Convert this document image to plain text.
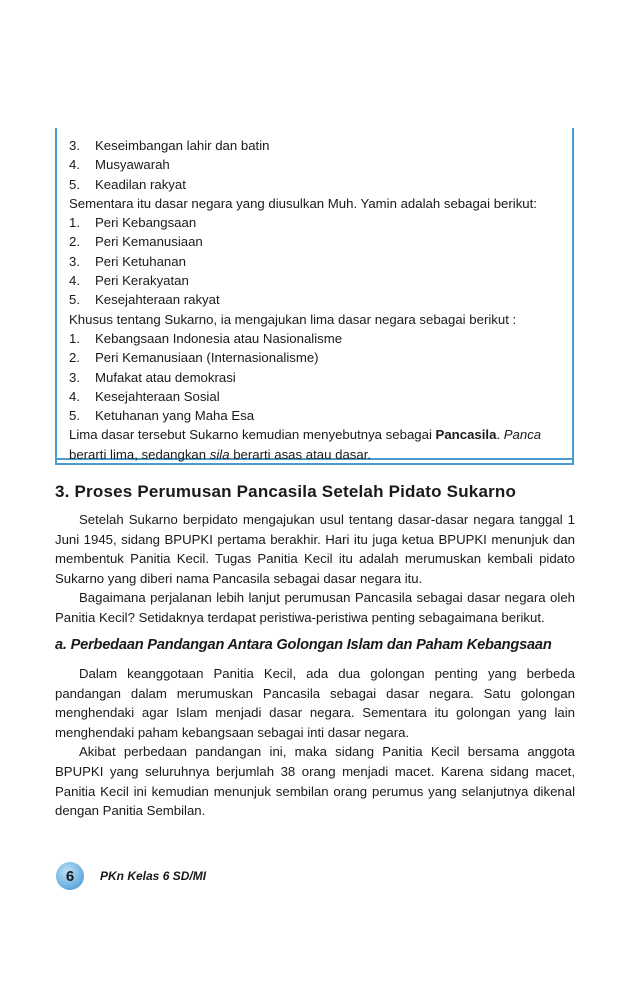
3.	Keseimbangan lahir dan batin
4.	Musyawarah
5.	Keadilan rakyat

Sementara itu dasar negara yang diusulkan Muh. Yamin adalah sebagai berikut:

1.	Peri Kebangsaan
2.	Peri Kemanusiaan
3.	Peri Ketuhanan
4.	Peri Kerakyatan
5.	Kesejahteraan rakyat

Khusus tentang Sukarno, ia mengajukan lima dasar negara sebagai berikut :

1.	Kebangsaan Indonesia atau Nasionalisme
2.	Peri Kemanusiaan (Internasionalisme)
3.	Mufakat atau demokrasi
4.	Kesejahteraan Sosial
5.	Ketuhanan yang Maha Esa

Lima dasar tersebut Sukarno kemudian menyebutnya sebagai Pancasila. Panca berarti lima, sedangkan sila berarti asas atau dasar.

3. Proses Perumusan Pancasila Setelah Pidato Sukarno

Setelah Sukarno berpidato mengajukan usul tentang dasar-dasar negara tanggal 1 Juni 1945, sidang BPUPKI pertama berakhir. Hari itu juga ketua BPUPKI menunjuk dan membentuk Panitia Kecil. Tugas Panitia Kecil itu adalah merumuskan kembali pidato Sukarno yang diberi nama Pancasila sebagai dasar negara itu.

Bagaimana perjalanan lebih lanjut perumusan Pancasila sebagai dasar negara oleh Panitia Kecil? Setidaknya terdapat peristiwa-peristiwa penting sebagaimana berikut.

a. Perbedaan Pandangan Antara Golongan Islam dan Paham Kebangsaan

Dalam keanggotaan Panitia Kecil, ada dua golongan penting yang berbeda pandangan dalam merumuskan Pancasila sebagai dasar negara. Satu golongan menghendaki agar Islam menjadi dasar negara. Sementara itu golongan yang lain menghendaki paham kebangsaan sebagai inti dasar negara.

Akibat perbedaan pandangan ini, maka sidang Panitia Kecil bersama anggota BPUPKI yang seluruhnya berjumlah 38 orang menjadi macet. Karena sidang macet, Panitia Kecil ini kemudian menunjuk sembilan orang perumus yang selanjutnya dikenal dengan Panitia Sembilan.

6	PKn Kelas 6 SD/MI
